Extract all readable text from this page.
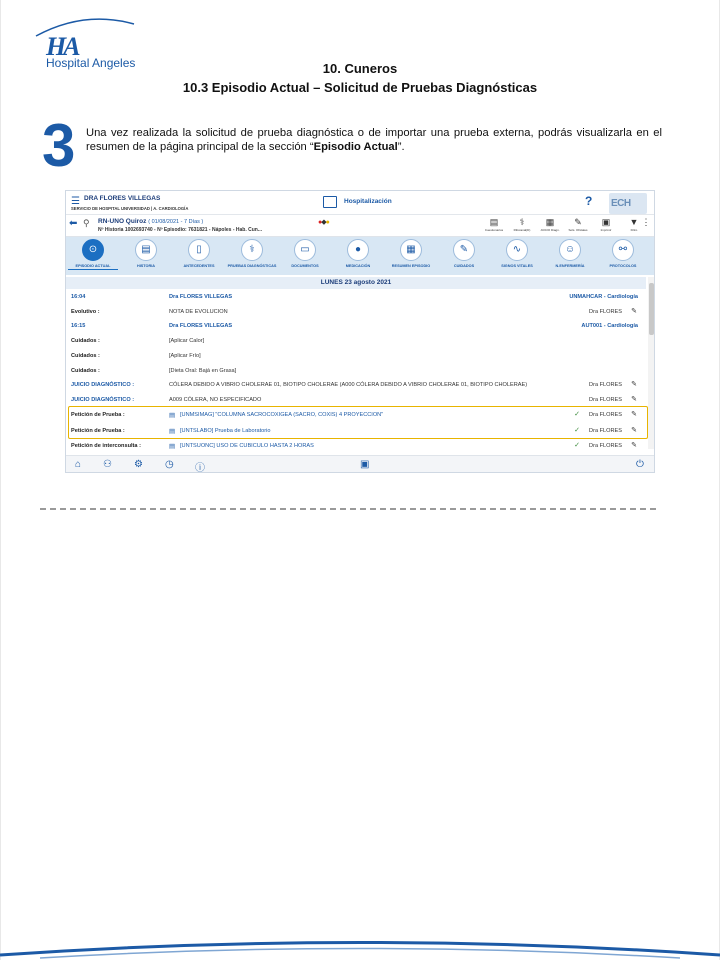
HA
Hospital Angeles	10. Cuneros
10.3 Episodio Actual – Solicitud de Pruebas Diagnósticas
3 Una vez realizada la solicitud de prueba diagnóstica o de importar una prueba externa, podrás visualizarla en el resumen de la página principal de la sección “Episodio Actual”.
☰ DRA FLORES VILLEGAS
SERVICIO DE HOSPITAL UNIVERSIDAD | A. CARDIOLOGÍA
Hospitalización	? ECH
⬅ ⚲ RN-UNO Quiroz ( 01/08/2021 - 7 Días )
Nº Historia 1002693740 - Nº Episodio: 7631821 - Nápoles - Hab. Cun...
●◆●	▤
Cuestionarios
⚕
Rifocanal(D)
▦
JUICIO Diagn.
✎
Sols. Oficiales
▣
Imprimir
▼
Filtro
⋮
⊙
EPISODIO ACTUAL
▤
HISTORIA
▯
ANTECEDENTES
⚕
PRUEBAS DIAGNÓSTICAS
▭
DOCUMENTOS
●
MEDICACIÓN
▦
RESUMEN EPISODIO
✎
CUIDADOS
∿
SIGNOS VITALES
☺
N.ENFERMERÍA
⚯
PROTOCOLOS
LUNES 23 agosto 2021
16:04	Dra FLORES VILLEGAS	UNMAHCAR - Cardiología
Evolutivo :	NOTA DE EVOLUCION	Dra FLORES ✎
16:15	Dra FLORES VILLEGAS	AUT001 - Cardiología
Cuidados :	[Aplicar Calor]
Cuidados :	[Aplicar Frío]
Cuidados :	[Dieta Oral: Bajá en Grasa]
JUICIO DIAGNÓSTICO :	CÓLERA DEBIDO A VIBRIO CHOLERAE 01, BIOTIPO CHOLERAE (A000 CÓLERA DEBIDO A VIBRIO CHOLERAE 01, BIOTIPO CHOLERAE)	Dra FLORES ✎
JUICIO DIAGNÓSTICO :	A009 CÓLERA, NO ESPECIFICADO	Dra FLORES ✎
Petición de Prueba :	▤ [UNMSIMAG] "COLUMNA SACROCOXIGEA (SACRO, COXIS) 4 PROYECCION"	✓ Dra FLORES ✎
Petición de Prueba :	▤ [UNTSLABO] Prueba de Laboratorio	✓ Dra FLORES ✎
Petición de interconsulta :	▤ [UNTSUONC] USO DE CUBICULO HASTA 2 HORAS	✓ Dra FLORES ✎
⌂ ⚇ ⚙ ◷ ⓘ	▣	⏻
